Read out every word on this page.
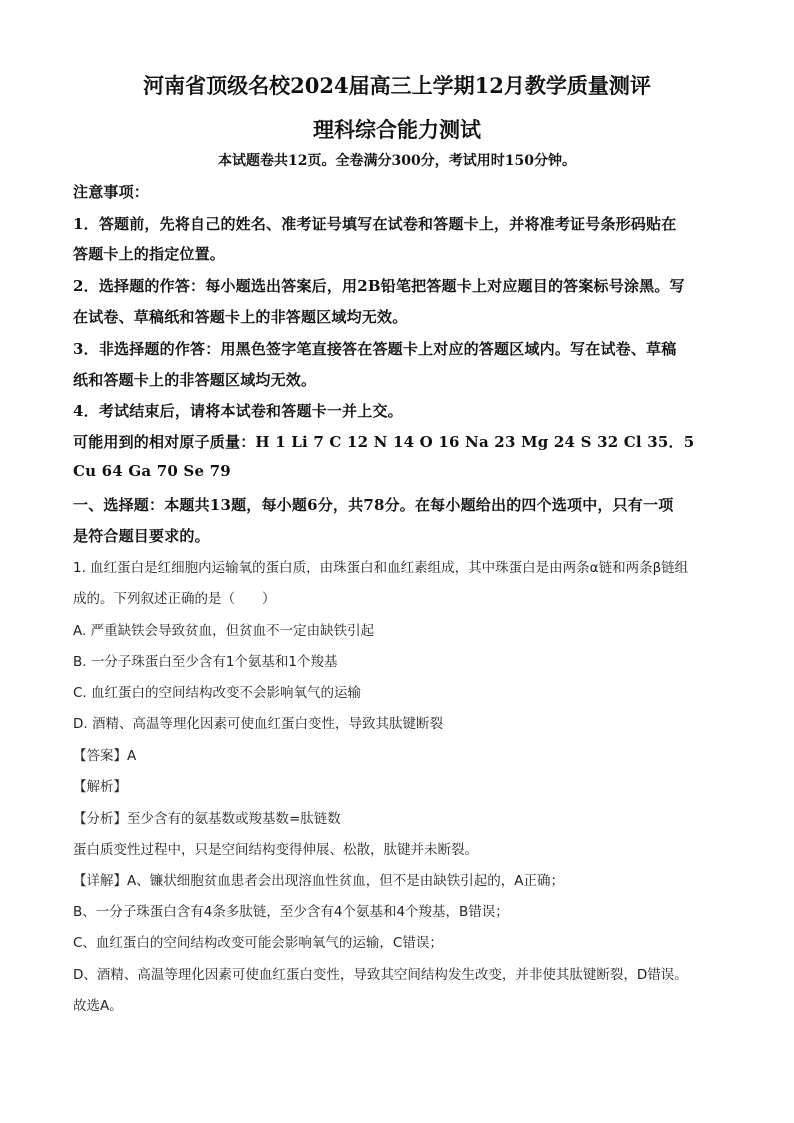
河南省顶级名校2024届高三上学期12月教学质量测评
理科综合能力测试
本试题卷共12页。全卷满分300分，考试用时150分钟。
注意事项：
1．答题前，先将自己的姓名、准考证号填写在试卷和答题卡上，并将准考证号条形码贴在
答题卡上的指定位置。
2．选择题的作答：每小题选出答案后，用2B铅笔把答题卡上对应题目的答案标号涂黑。写
在试卷、草稿纸和答题卡上的非答题区域均无效。
3．非选择题的作答：用黑色签字笔直接答在答题卡上对应的答题区域内。写在试卷、草稿
纸和答题卡上的非答题区域均无效。
4．考试结束后，请将本试卷和答题卡一并上交。
可能用到的相对原子质量：H 1 Li 7 C 12 N 14 O 16 Na 23 Mg 24 S 32 Cl 35．5
Cu 64 Ga 70 Se 79
一、选择题：本题共13题，每小题6分，共78分。在每小题给出的四个选项中，只有一项
是符合题目要求的。
1. 血红蛋白是红细胞内运输氧的蛋白质，由珠蛋白和血红素组成，其中珠蛋白是由两条α链和两条β链组
成的。下列叙述正确的是（　　）
A. 严重缺铁会导致贫血，但贫血不一定由缺铁引起
B. 一分子珠蛋白至少含有1个氨基和1个羧基
C. 血红蛋白的空间结构改变不会影响氧气的运输
D. 酒精、高温等理化因素可使血红蛋白变性，导致其肽键断裂
【答案】A
【解析】
【分析】至少含有的氨基数或羧基数=肽链数
蛋白质变性过程中，只是空间结构变得伸展、松散，肽键并未断裂。
【详解】A、镰状细胞贫血患者会出现溶血性贫血，但不是由缺铁引起的，A正确；
B、一分子珠蛋白含有4条多肽链，至少含有4个氨基和4个羧基，B错误；
C、血红蛋白的空间结构改变可能会影响氧气的运输，C错误；
D、酒精、高温等理化因素可使血红蛋白变性，导致其空间结构发生改变，并非使其肽键断裂，D错误。
故选A。
